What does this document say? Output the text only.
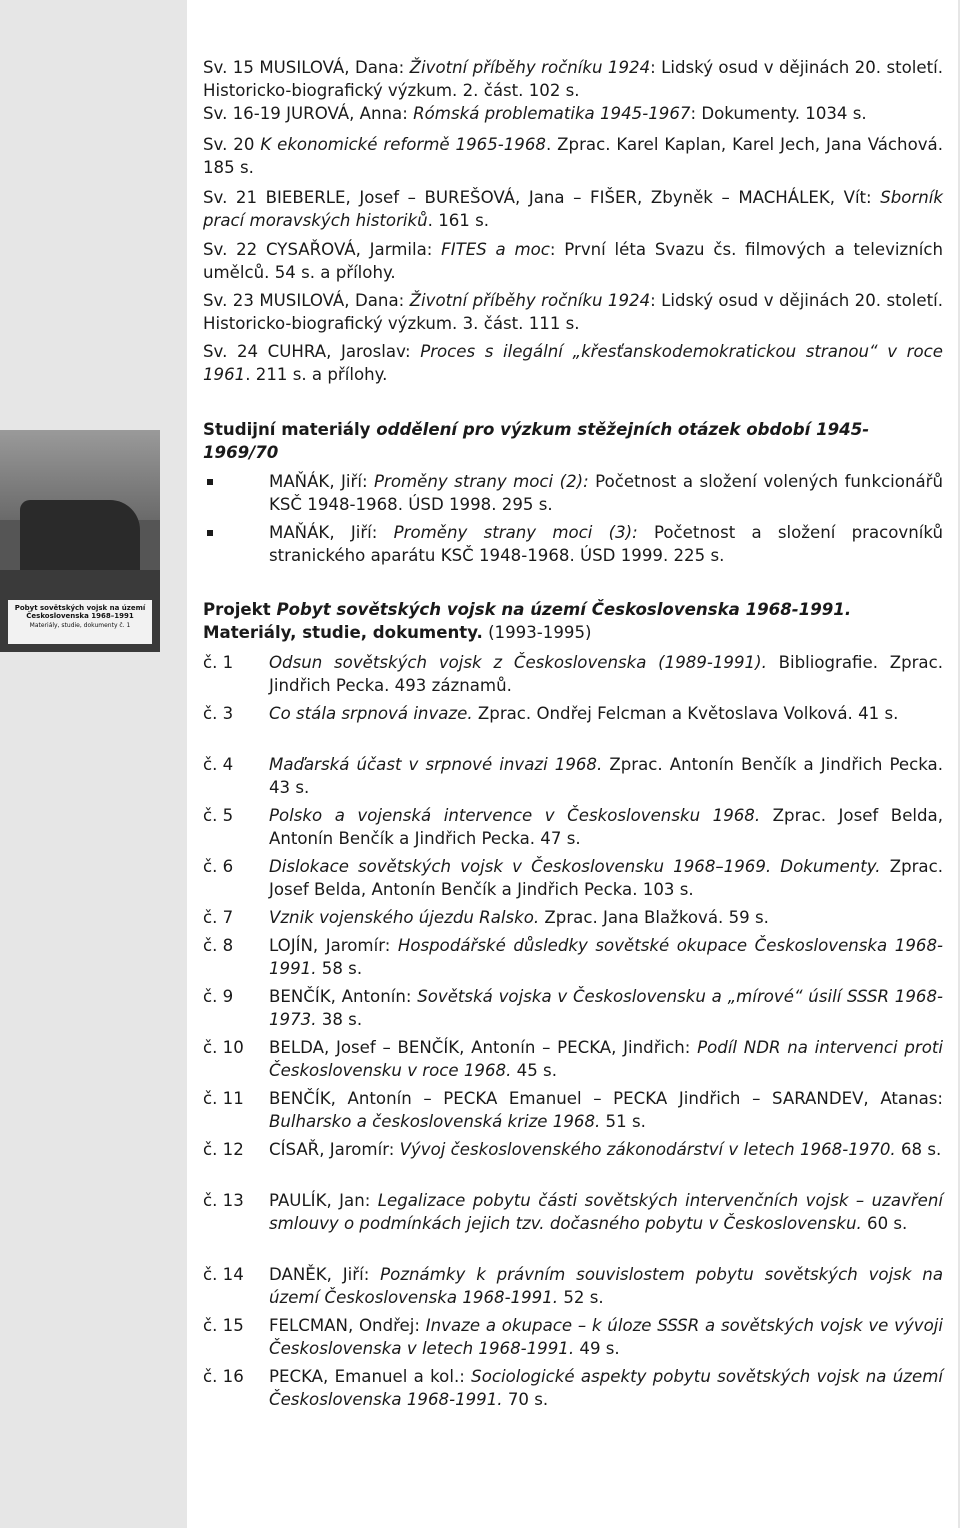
Pobyt sovětských vojsk na území Československa 1968–1991
Materiály, studie, dokumenty č. 1
Sv. 15 MUSILOVÁ, Dana: Životní příběhy ročníku 1924: Lidský osud v dějinách 20. století. Historicko-biografický výzkum. 2. část. 102 s.
Sv. 16-19 JUROVÁ, Anna: Rómská problematika 1945-1967: Dokumenty. 1034 s.
Sv. 20 K ekonomické reformě 1965-1968. Zprac. Karel Kaplan, Karel Jech, Jana Váchová. 185 s.
Sv. 21 BIEBERLE, Josef – BUREŠOVÁ, Jana – FIŠER, Zbyněk – MACHÁLEK, Vít: Sborník prací moravských historiků. 161 s.
Sv. 22 CYSAŘOVÁ, Jarmila: FITES a moc: První léta Svazu čs. filmových a televizních umělců. 54 s. a přílohy.
Sv. 23 MUSILOVÁ, Dana: Životní příběhy ročníku 1924: Lidský osud v dějinách 20. století. Historicko-biografický výzkum. 3. část. 111 s.
Sv. 24 CUHRA, Jaroslav: Proces s ilegální „křesťanskodemokratickou stranou“ v roce 1961. 211 s. a přílohy.
Studijní materiály oddělení pro výzkum stěžejních otázek období 1945-1969/70
MAŇÁK, Jiří: Proměny strany moci (2): Početnost a složení volených funkcionářů KSČ 1948-1968. ÚSD 1998. 295 s.
MAŇÁK, Jiří: Proměny strany moci (3): Početnost a složení pracovníků stranického aparátu KSČ 1948-1968. ÚSD 1999. 225 s.
Projekt Pobyt sovětských vojsk na území Československa 1968-1991.
Materiály, studie, dokumenty. (1993-1995)
č. 1	Odsun sovětských vojsk z Československa (1989-1991). Bibliografie. Zprac. Jindřich Pecka. 493 záznamů.
č. 3	Co stála srpnová invaze. Zprac. Ondřej Felcman a Květoslava Volková. 41 s.
č. 4	Maďarská účast v srpnové invazi 1968. Zprac. Antonín Benčík a Jindřich Pecka. 43 s.
č. 5	Polsko a vojenská intervence v Československu 1968. Zprac. Josef Belda, Antonín Benčík a Jindřich Pecka. 47 s.
č. 6	Dislokace sovětských vojsk v Československu 1968–1969. Dokumenty. Zprac. Josef Belda, Antonín Benčík a Jindřich Pecka. 103 s.
č. 7	Vznik vojenského újezdu Ralsko. Zprac. Jana Blažková. 59 s.
č. 8	LOJÍN, Jaromír: Hospodářské důsledky sovětské okupace Československa 1968-1991. 58 s.
č. 9	BENČÍK, Antonín: Sovětská vojska v Československu a „mírové“ úsilí SSSR 1968-1973. 38 s.
č. 10	BELDA, Josef – BENČÍK, Antonín – PECKA, Jindřich: Podíl NDR na intervenci proti Československu v roce 1968. 45 s.
č. 11	BENČÍK, Antonín – PECKA Emanuel – PECKA Jindřich – SARANDEV, Atanas: Bulharsko a československá krize 1968. 51 s.
č. 12	CÍSAŘ, Jaromír: Vývoj československého zákonodárství v letech 1968-1970. 68 s.
č. 13	PAULÍK, Jan: Legalizace pobytu části sovětských intervenčních vojsk – uzavření smlouvy o podmínkách jejich tzv. dočasného pobytu v Československu. 60 s.
č. 14	DANĚK, Jiří: Poznámky k právním souvislostem pobytu sovětských vojsk na území Československa 1968-1991. 52 s.
č. 15	FELCMAN, Ondřej: Invaze a okupace – k úloze SSSR a sovětských vojsk ve vývoji Československa v letech 1968-1991. 49 s.
č. 16	PECKA, Emanuel a kol.: Sociologické aspekty pobytu sovětských vojsk na území Československa 1968-1991. 70 s.
